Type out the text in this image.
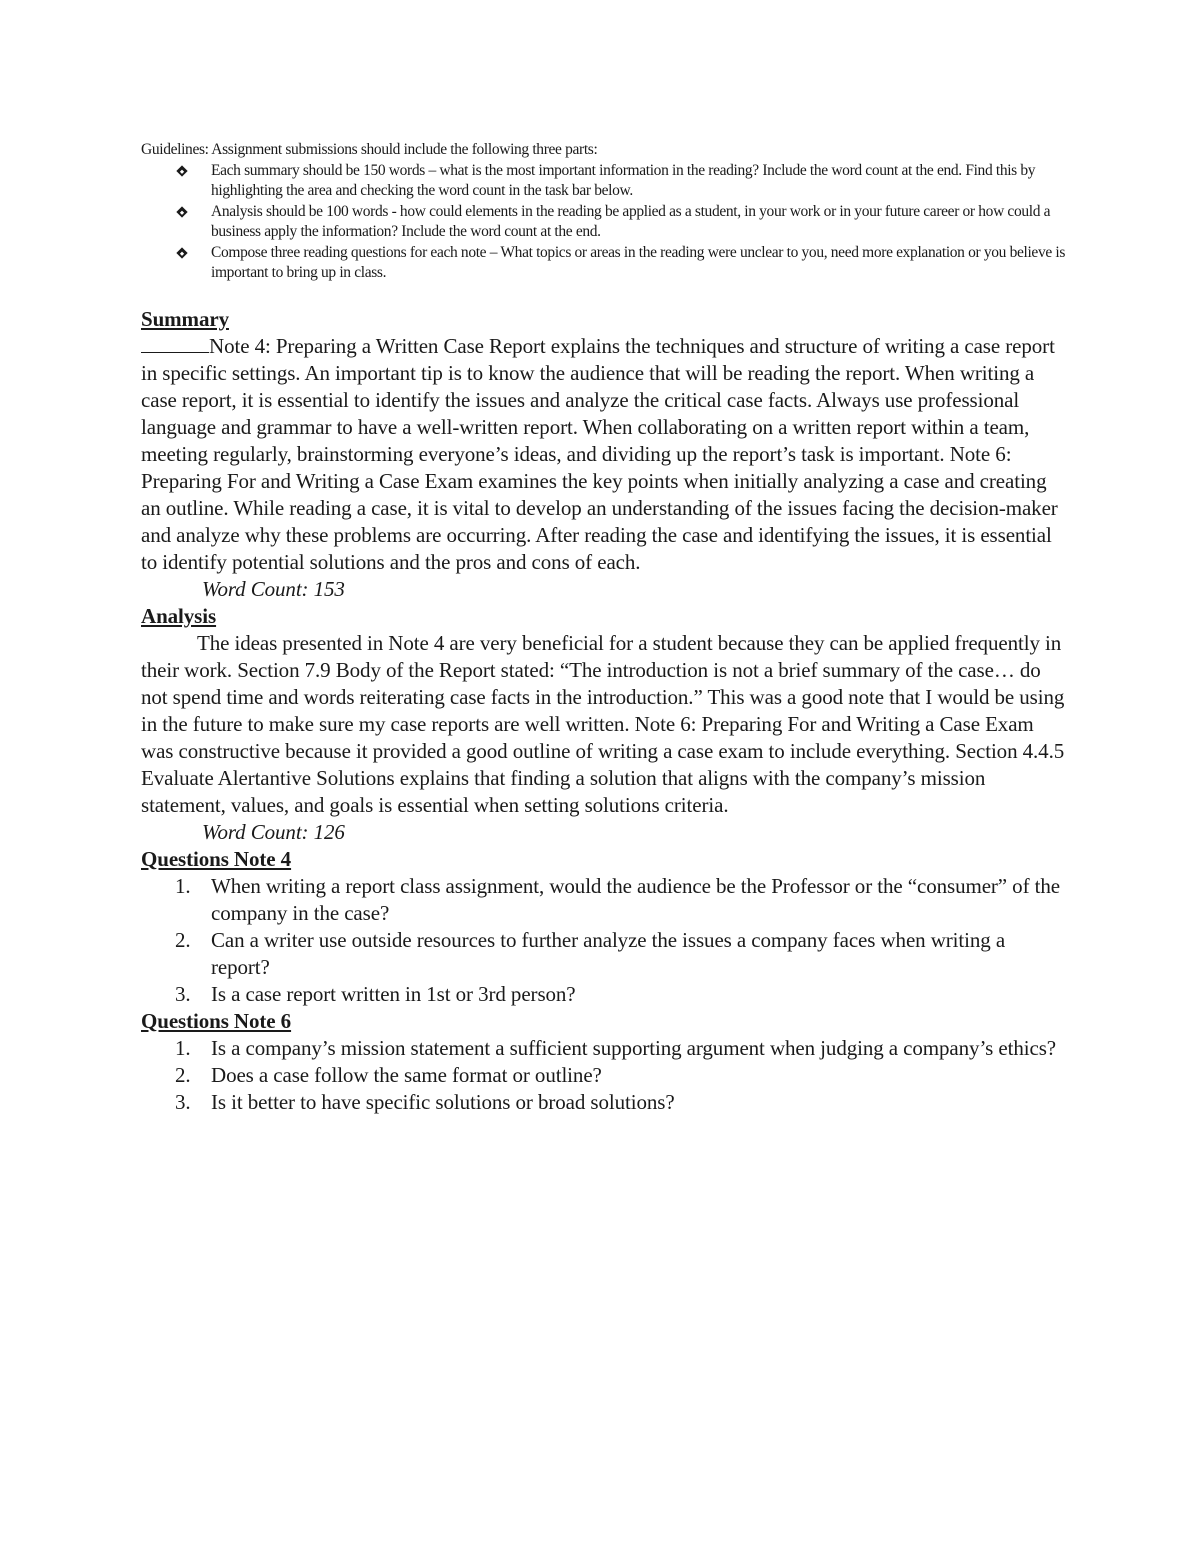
Guidelines: Assignment submissions should include the following three parts:

Each summary should be 150 words – what is the most important information in the reading? Include the word count at the end. Find this by highlighting the area and checking the word count in the task bar below.
Analysis should be 100 words - how could elements in the reading be applied as a student, in your work or in your future career or how could a business apply the information? Include the word count at the end.
Compose three reading questions for each note – What topics or areas in the reading were unclear to you, need more explanation or you believe is important to bring up in class.
Summary

Note 4: Preparing a Written Case Report explains the techniques and structure of writing a case report in specific settings. An important tip is to know the audience that will be reading the report. When writing a case report, it is essential to identify the issues and analyze the critical case facts. Always use professional language and grammar to have a well-written report. When collaborating on a written report within a team, meeting regularly, brainstorming everyone’s ideas, and dividing up the report’s task is important. Note 6: Preparing For and Writing a Case Exam examines the key points when initially analyzing a case and creating an outline. While reading a case, it is vital to develop an understanding of the issues facing the decision-maker and analyze why these problems are occurring. After reading the case and identifying the issues, it is essential to identify potential solutions and the pros and cons of each.

Word Count: 153

Analysis

The ideas presented in Note 4 are very beneficial for a student because they can be applied frequently in their work. Section 7.9 Body of the Report stated: “The introduction is not a brief summary of the case… do not spend time and words reiterating case facts in the introduction.” This was a good note that I would be using in the future to make sure my case reports are well written. Note 6: Preparing For and Writing a Case Exam was constructive because it provided a good outline of writing a case exam to include everything. Section 4.4.5 Evaluate Alertantive Solutions explains that finding a solution that aligns with the company’s mission statement, values, and goals is essential when setting solutions criteria.

Word Count: 126

Questions Note 4
1. When writing a report class assignment, would the audience be the Professor or the “consumer” of the company in the case?
2. Can a writer use outside resources to further analyze the issues a company faces when writing a report?
3. Is a case report written in 1st or 3rd person?
Questions Note 6
1. Is a company’s mission statement a sufficient supporting argument when judging a company’s ethics?
2. Does a case follow the same format or outline?
3. Is it better to have specific solutions or broad solutions?
